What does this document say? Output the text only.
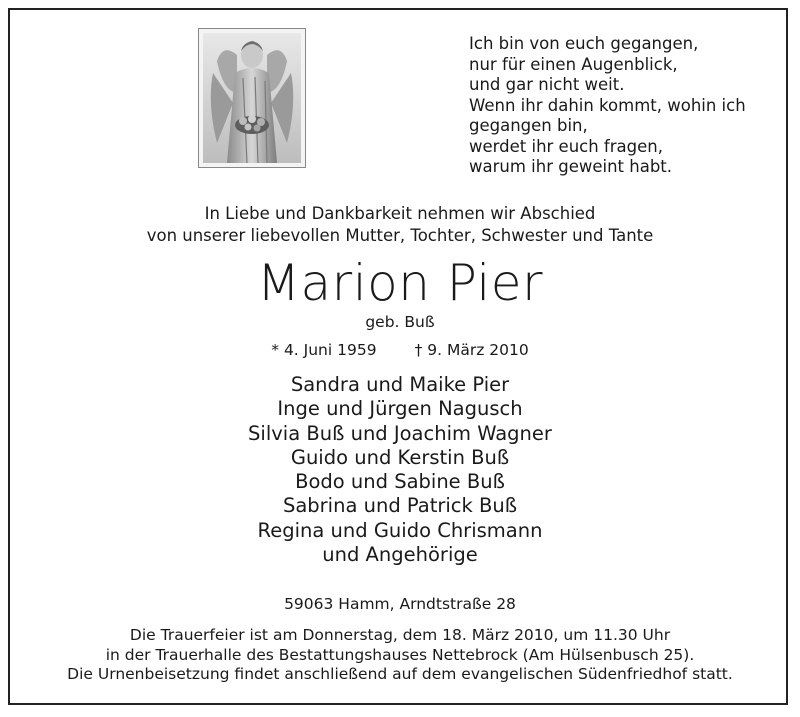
Ich bin von euch gegangen,
nur für einen Augenblick,
und gar nicht weit.
Wenn ihr dahin kommt, wohin ich
gegangen bin,
werdet ihr euch fragen,
warum ihr geweint habt.
In Liebe und Dankbarkeit nehmen wir Abschied
von unserer liebevollen Mutter, Tochter, Schwester und Tante
Marion Pier
geb. Buß
* 4. Juni 1959 † 9. März 2010
Sandra und Maike Pier
Inge und Jürgen Nagusch
Silvia Buß und Joachim Wagner
Guido und Kerstin Buß
Bodo und Sabine Buß
Sabrina und Patrick Buß
Regina und Guido Chrismann
und Angehörige
59063 Hamm, Arndtstraße 28
Die Trauerfeier ist am Donnerstag, dem 18. März 2010, um 11.30 Uhr
in der Trauerhalle des Bestattungshauses Nettebrock (Am Hülsenbusch 25).
Die Urnenbeisetzung findet anschließend auf dem evangelischen Südenfriedhof statt.
